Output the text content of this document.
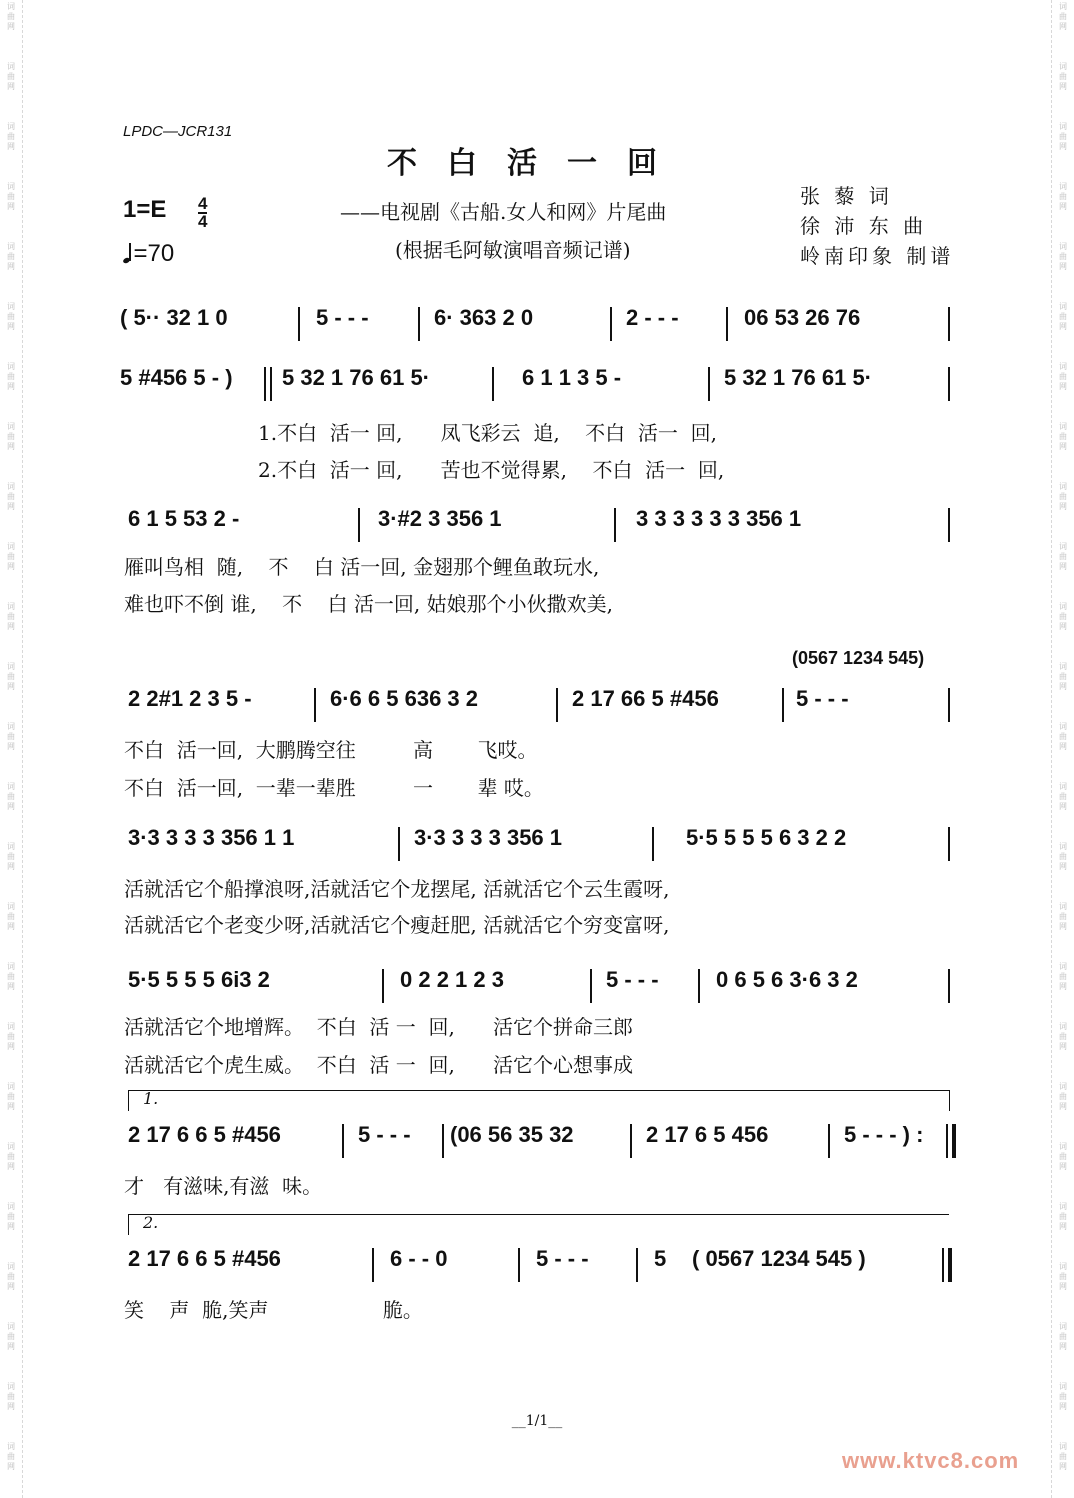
词
曲
网
词
曲
网
词
曲
网
词
曲
网
词
曲
网
词
曲
网
词
曲
网
词
曲
网
词
曲
网
词
曲
网
词
曲
网
词
曲
网
词
曲
网
词
曲
网
词
曲
网
词
曲
网
词
曲
网
词
曲
网
词
曲
网
词
曲
网
词
曲
网
词
曲
网
词
曲
网
词
曲
网
词
曲
网
词
曲
网
词
曲
网
词
曲
网
词
曲
网
词
曲
网
词
曲
网
词
曲
网
词
曲
网
词
曲
网
词
曲
网
词
曲
网
词
曲
网
词
曲
网
词
曲
网
词
曲
网
词
曲
网
词
曲
网
词
曲
网
词
曲
网
词
曲
网
词
曲
网
词
曲
网
词
曲
网
词
曲
网
词
曲
网
LPDC—JCR131
不白活一回
$1=E \frac{4}{4}$
=70
——电视剧《古船.女人和网》片尾曲
(根据毛阿敏演唱音频记谱)
张 藜 词
徐 沛 东 曲
岭南印象 制谱
( 5·· 32 1 0	5 - - -	6· 363 2 0	2 - - -	06 53 26 76
5 #456 5 - ) 5 32 1 76 61 5·	6 1 1 3 5 -	5 32 1 76 61 5·
1.不白  活一 回,      凤飞彩云  追,    不白  活一  回,
2.不白  活一 回,      苦也不觉得累,    不白  活一  回,
6 1 5 53 2 -	3·#2 3 356 1	3 3 3 3 3 3 356 1
雁叫鸟相  随,    不    白 活一回, 金翅那个鲤鱼敢玩水,
难也吓不倒 谁,    不    白 活一回, 姑娘那个小伙撒欢美,
(0567 1234 545)
2 2#1 2 3 5 -	6·6 6 5 636 3 2	2 17 66 5 #456	5 - - -
不白  活一回,  大鹏腾空往         高       飞哎。
不白  活一回,  一辈一辈胜         一       辈 哎。
3·3 3 3 3 356 1 1	3·3 3 3 3 356 1	5·5 5 5 5 6 3 2 2
活就活它个船撑浪呀,活就活它个龙摆尾, 活就活它个云生霞呀,
活就活它个老变少呀,活就活它个瘦赶肥, 活就活它个穷变富呀,
5·5 5 5 5 6i3 2	0 2 2 1 2 3	5 - - -	0 6 5 6 3·6 3 2
活就活它个地增辉。  不白  活 一  回,      活它个拼命三郎
活就活它个虎生威。  不白  活 一  回,      活它个心想事成
1.
2 17 6 6 5 #456	5 - - - (06 56 35 32	2 17 6 5 456	5 - - - ) :
才   有滋味,有滋  味。
2.
2 17 6 6 5 #456	6 - - 0	5 - - -	5 ( 0567 1234 545 )
笑    声  脆,笑声                  脆。
__1/1__
www.ktvc8.com
